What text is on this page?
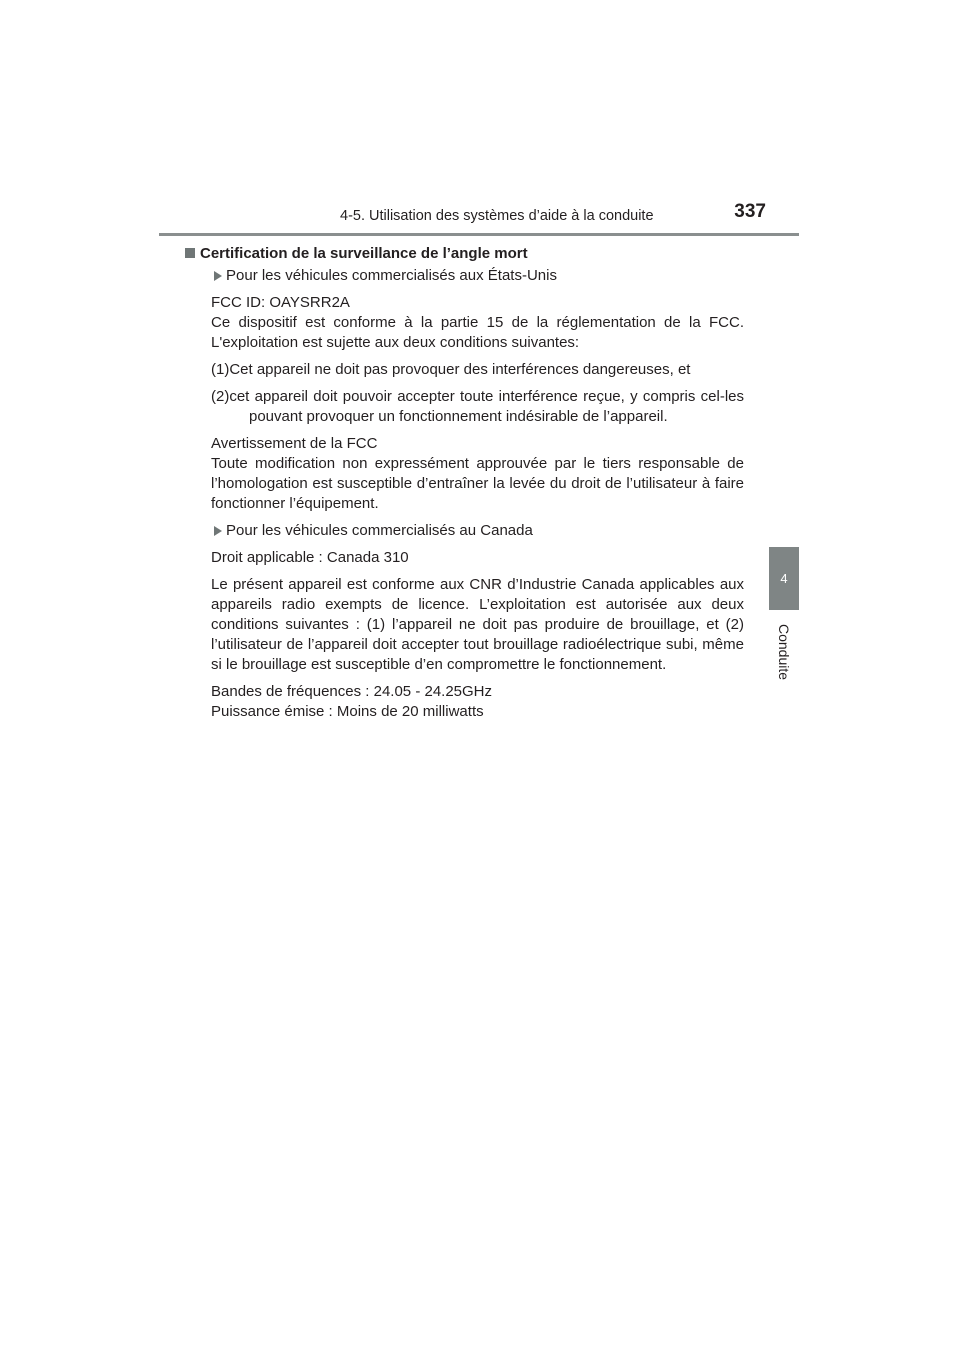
4-5. Utilisation des systèmes d’aide à la conduite	337
4
Conduite
Certification de la surveillance de l’angle mort

Pour les véhicules commercialisés aux États-Unis

FCC ID: OAYSRR2A

Ce dispositif est conforme à la partie 15 de la réglementation de la FCC.

L'exploitation est sujette aux deux conditions suivantes:

(1)Cet appareil ne doit pas provoquer des interférences dangereuses, et

(2)cet appareil doit pouvoir accepter toute interférence reçue, y compris cel-les pouvant provoquer un fonctionnement indésirable de l’appareil.

Avertissement de la FCC

Toute modification non expressément approuvée par le tiers responsable de l’homologation est susceptible d’entraîner la levée du droit de l’utilisateur à faire fonctionner l’équipement.

Pour les véhicules commercialisés au Canada

Droit applicable : Canada 310

Le présent appareil est conforme aux CNR d’Industrie Canada applicables aux appareils radio exempts de licence. L’exploitation est autorisée aux deux conditions suivantes : (1) l’appareil ne doit pas produire de brouillage, et (2) l’utilisateur de l’appareil doit accepter tout brouillage radioélectrique subi, même si le brouillage est susceptible d’en compromettre le fonctionnement.

Bandes de fréquences : 24.05 - 24.25GHz

Puissance émise : Moins de 20 milliwatts
